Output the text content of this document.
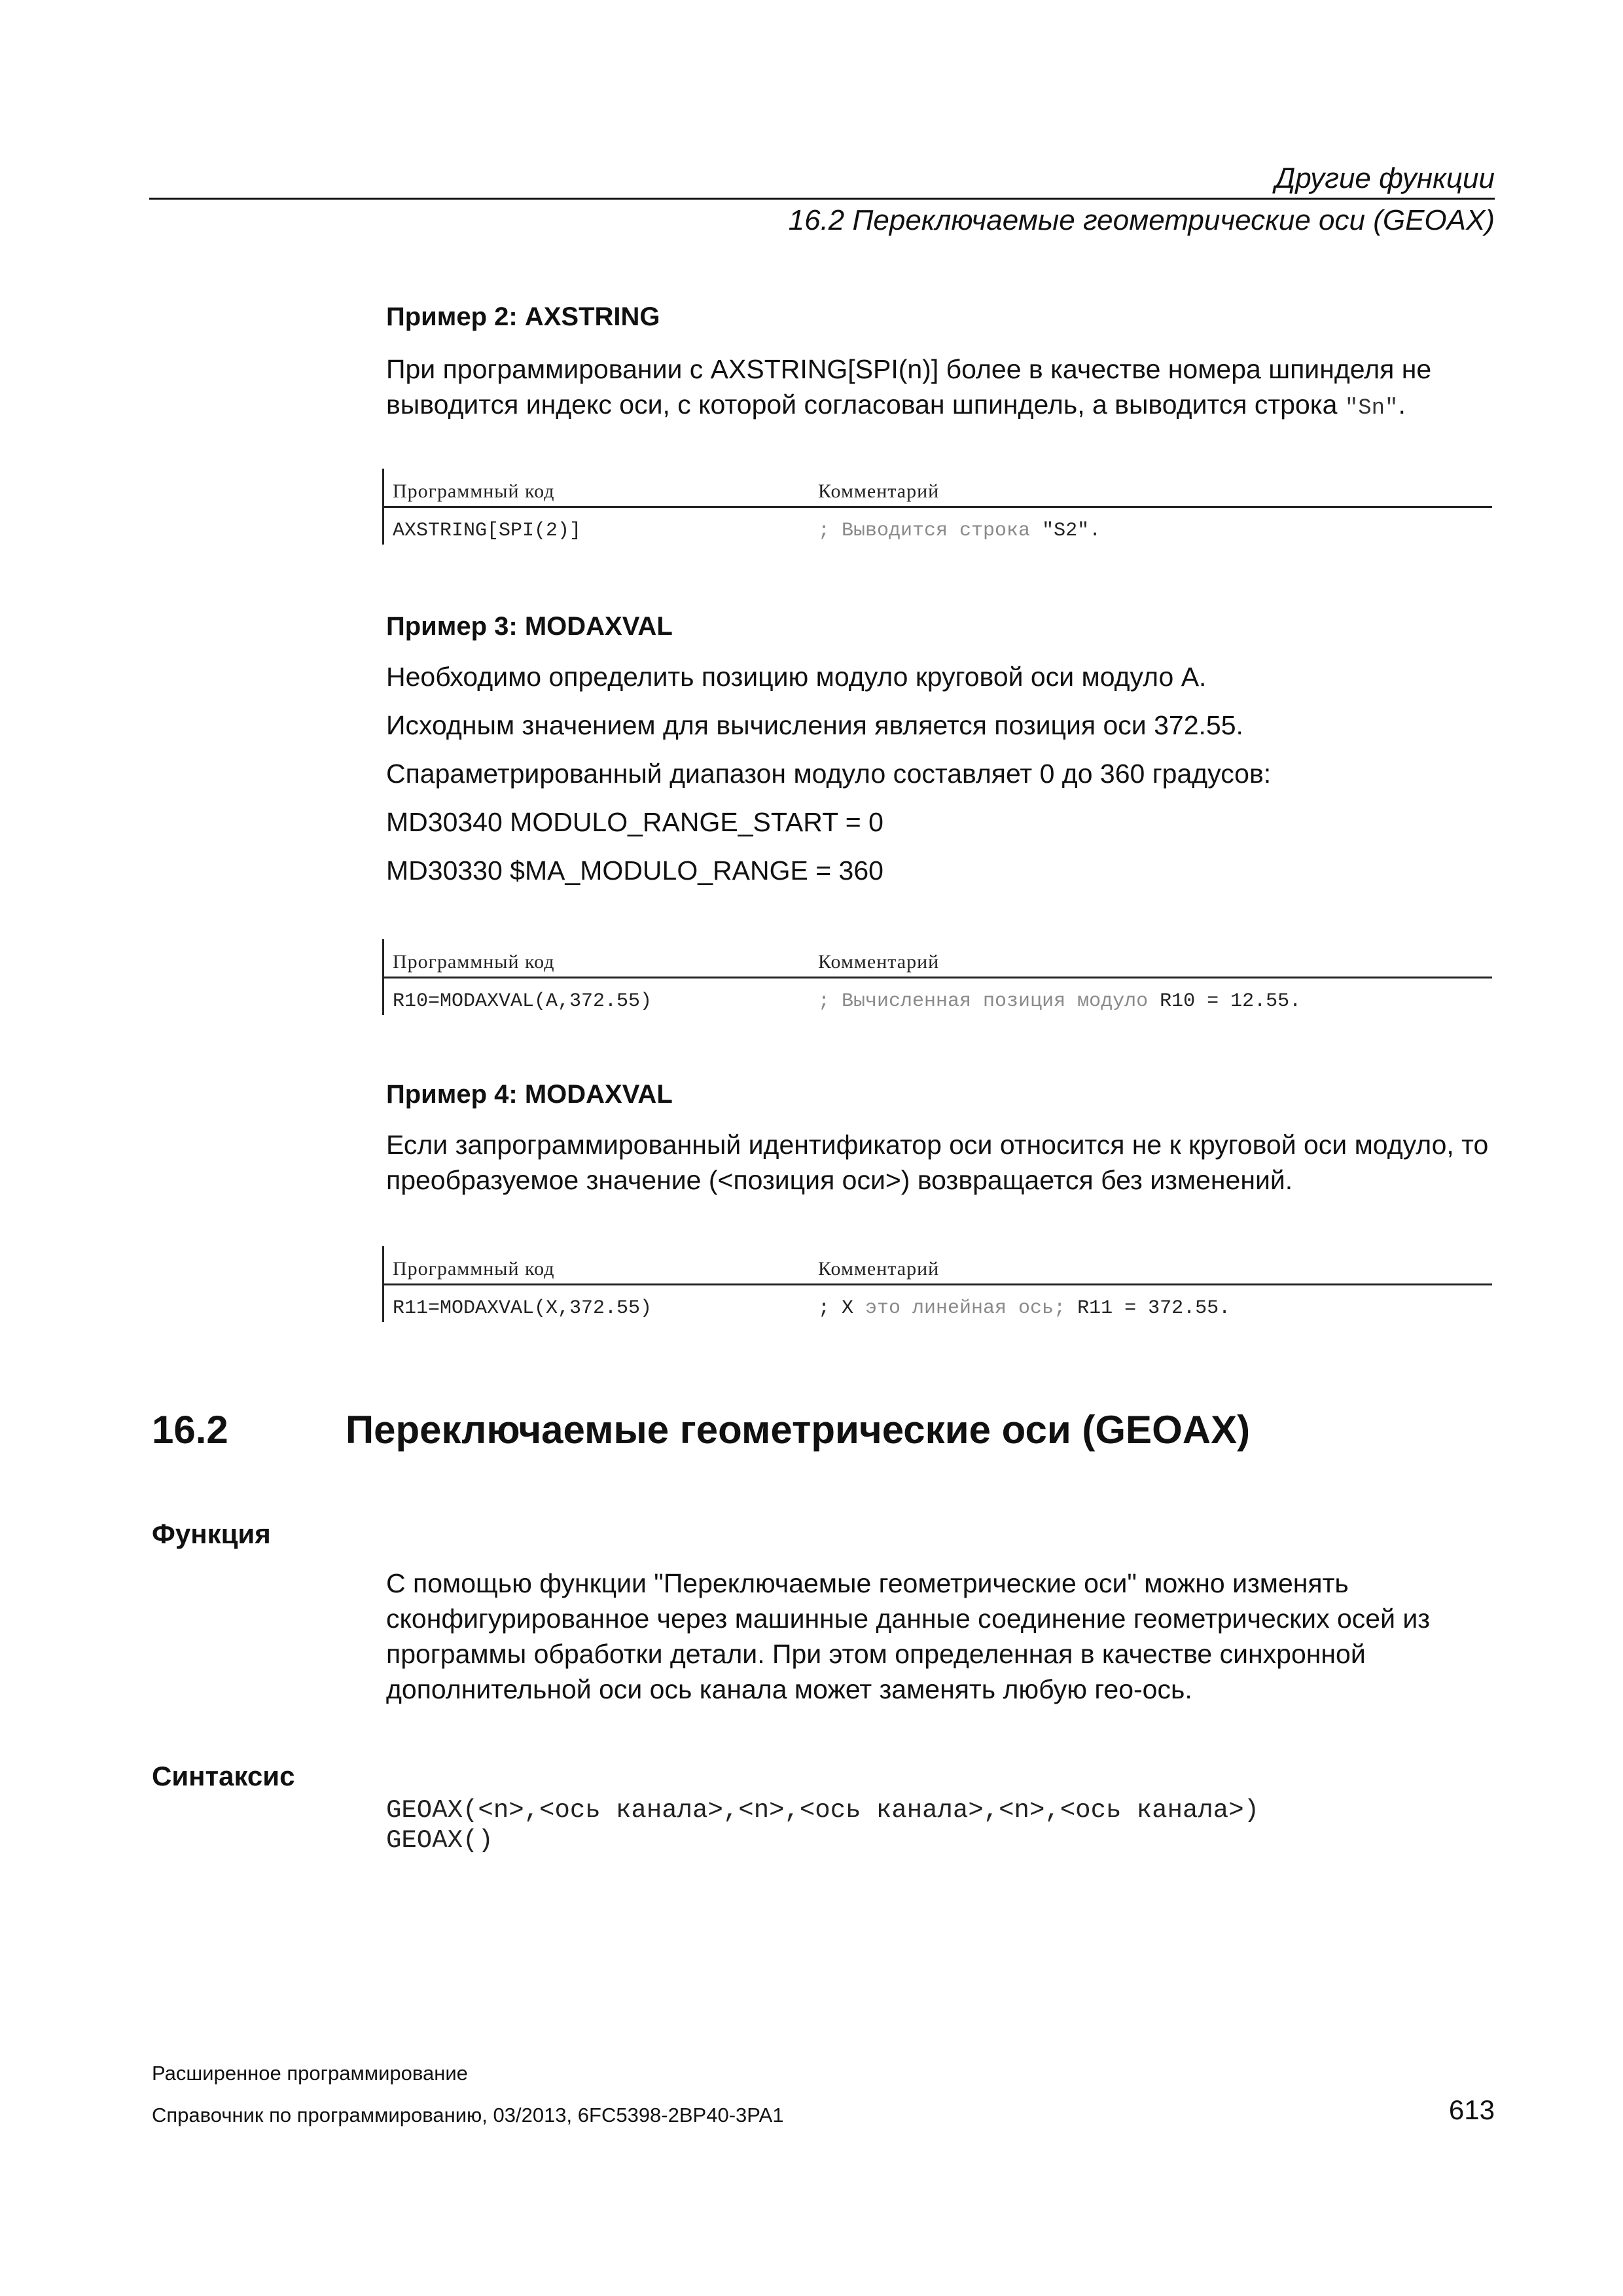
Другие функции
16.2 Переключаемые геометрические оси (GEOAX)
Пример 2: AXSTRING
При программировании с AXSTRING[SPI(n)] более в качестве номера шпинделя не выводится индекс оси, с которой согласован шпиндель, а выводится строка "Sn".
Программный код	Комментарий
AXSTRING[SPI(2)]	; Выводится строка "S2".
Пример 3: MODAXVAL
Необходимо определить позицию модуло круговой оси модуло A.
Исходным значением для вычисления является позиция оси 372.55.
Спараметрированный диапазон модуло составляет 0 до 360 градусов:
MD30340 MODULO_RANGE_START = 0
MD30330 $MA_MODULO_RANGE = 360
Программный код	Комментарий
R10=MODAXVAL(A,372.55)	; Вычисленная позиция модуло R10 = 12.55.
Пример 4: MODAXVAL
Если запрограммированный идентификатор оси относится не к круговой оси модуло, то преобразуемое значение (<позиция оси>) возвращается без изменений.
Программный код	Комментарий
R11=MODAXVAL(X,372.55)	; X это линейная ось; R11 = 372.55.
16.2	Переключаемые геометрические оси (GEOAX)
Функция
С помощью функции "Переключаемые геометрические оси" можно изменять сконфигурированное через машинные данные соединение геометрических осей из программы обработки детали. При этом определенная в качестве синхронной дополнительной оси ось канала может заменять любую гео-ось.
Синтаксис
GEOAX(<n>,<ось канала>,<n>,<ось канала>,<n>,<ось канала>)
GEOAX()
Расширенное программирование
Справочник по программированию, 03/2013, 6FC5398-2BP40-3PA1	613
